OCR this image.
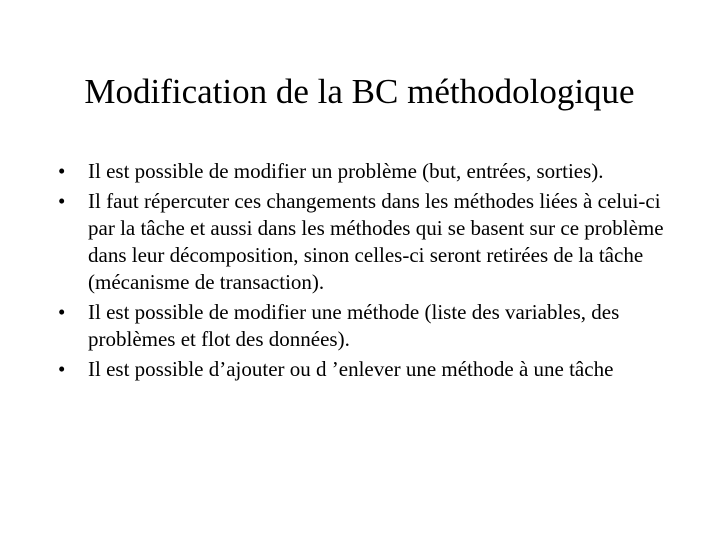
Modification de la BC méthodologique
•	Il est possible de modifier un problème (but, entrées, sorties).
•	Il faut répercuter ces changements dans les méthodes liées à celui-ci par la tâche et aussi dans les méthodes qui se basent sur ce problème dans leur décomposition, sinon celles-ci seront retirées de la tâche (mécanisme de transaction).
•	Il est possible de modifier une méthode (liste des variables, des problèmes et flot des données).
•	Il est possible d’ajouter ou d ’enlever une méthode à une tâche
